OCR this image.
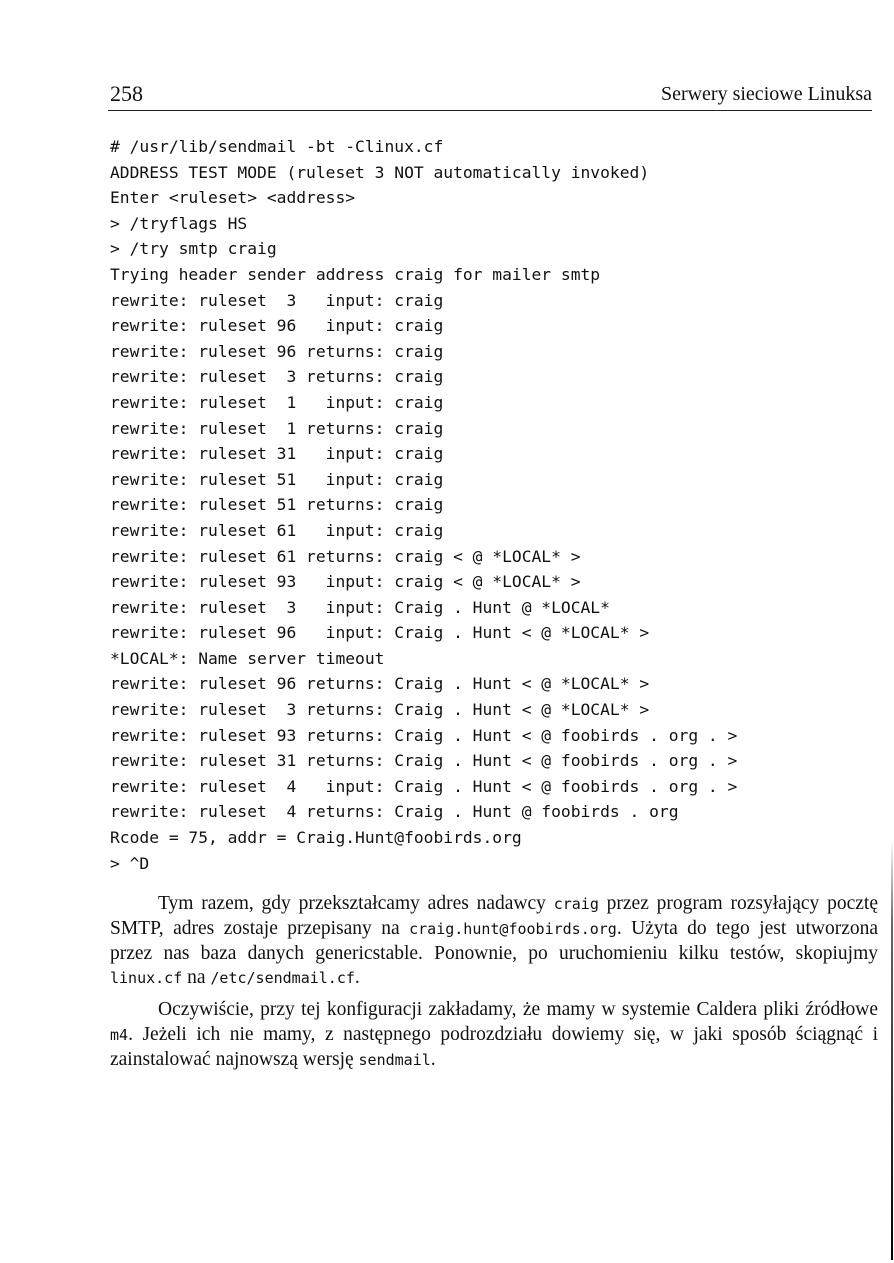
258	Serwery sieciowe Linuksa
# /usr/lib/sendmail -bt -Clinux.cf
ADDRESS TEST MODE (ruleset 3 NOT automatically invoked)
Enter <ruleset> <address>
> /tryflags HS
> /try smtp craig
Trying header sender address craig for mailer smtp
rewrite: ruleset  3   input: craig
rewrite: ruleset 96   input: craig
rewrite: ruleset 96 returns: craig
rewrite: ruleset  3 returns: craig
rewrite: ruleset  1   input: craig
rewrite: ruleset  1 returns: craig
rewrite: ruleset 31   input: craig
rewrite: ruleset 51   input: craig
rewrite: ruleset 51 returns: craig
rewrite: ruleset 61   input: craig
rewrite: ruleset 61 returns: craig < @ *LOCAL* >
rewrite: ruleset 93   input: craig < @ *LOCAL* >
rewrite: ruleset  3   input: Craig . Hunt @ *LOCAL*
rewrite: ruleset 96   input: Craig . Hunt < @ *LOCAL* >
*LOCAL*: Name server timeout
rewrite: ruleset 96 returns: Craig . Hunt < @ *LOCAL* >
rewrite: ruleset  3 returns: Craig . Hunt < @ *LOCAL* >
rewrite: ruleset 93 returns: Craig . Hunt < @ foobirds . org . >
rewrite: ruleset 31 returns: Craig . Hunt < @ foobirds . org . >
rewrite: ruleset  4   input: Craig . Hunt < @ foobirds . org . >
rewrite: ruleset  4 returns: Craig . Hunt @ foobirds . org
Rcode = 75, addr = Craig.Hunt@foobirds.org
> ^D

Tym razem, gdy przekształcamy adres nadawcy craig przez program rozsyłający pocztę SMTP, adres zostaje przepisany na craig.hunt@foobirds.org. Użyta do tego jest utworzona przez nas baza danych genericstable. Ponownie, po uruchomieniu kilku testów, skopiujmy linux.cf na /etc/sendmail.cf.

Oczywiście, przy tej konfiguracji zakładamy, że mamy w systemie Caldera pliki źródłowe m4. Jeżeli ich nie mamy, z następnego podrozdziału dowiemy się, w jaki sposób ściągnąć i zainstalować najnowszą wersję sendmail.
